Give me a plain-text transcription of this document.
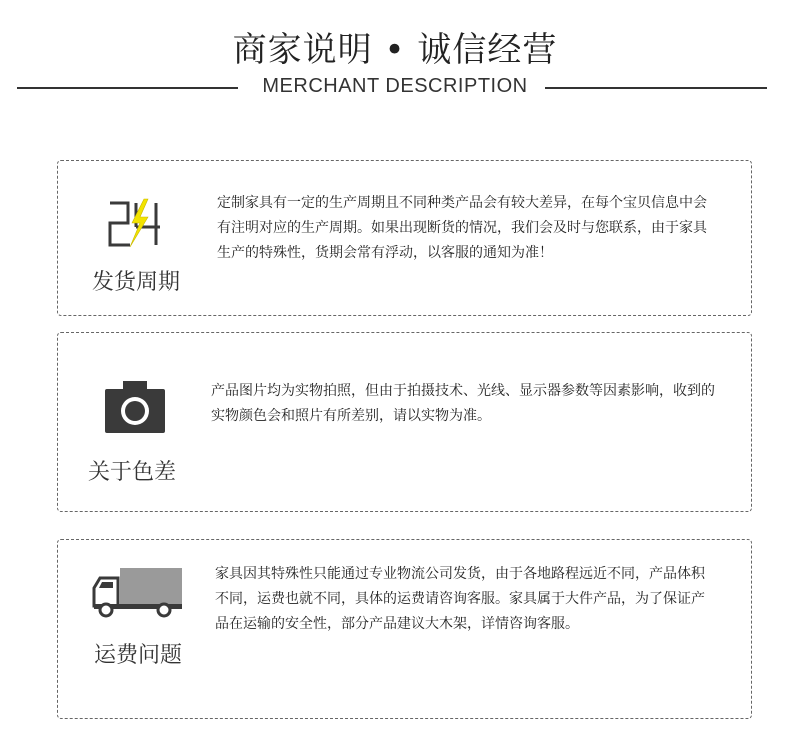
商家说明 • 诚信经营
MERCHANT DESCRIPTION
发货周期

定制家具有一定的生产周期且不同种类产品会有较大差异，在每个宝贝信息中会有注明对应的生产周期。如果出现断货的情况，我们会及时与您联系，由于家具生产的特殊性，货期会常有浮动，以客服的通知为准！

关于色差

产品图片均为实物拍照，但由于拍摄技术、光线、显示器参数等因素影响，收到的实物颜色会和照片有所差别，请以实物为准。

运费问题

家具因其特殊性只能通过专业物流公司发货，由于各地路程远近不同，产品体积不同，运费也就不同，具体的运费请咨询客服。家具属于大件产品，为了保证产品在运输的安全性，部分产品建议大木架，详情咨询客服。
